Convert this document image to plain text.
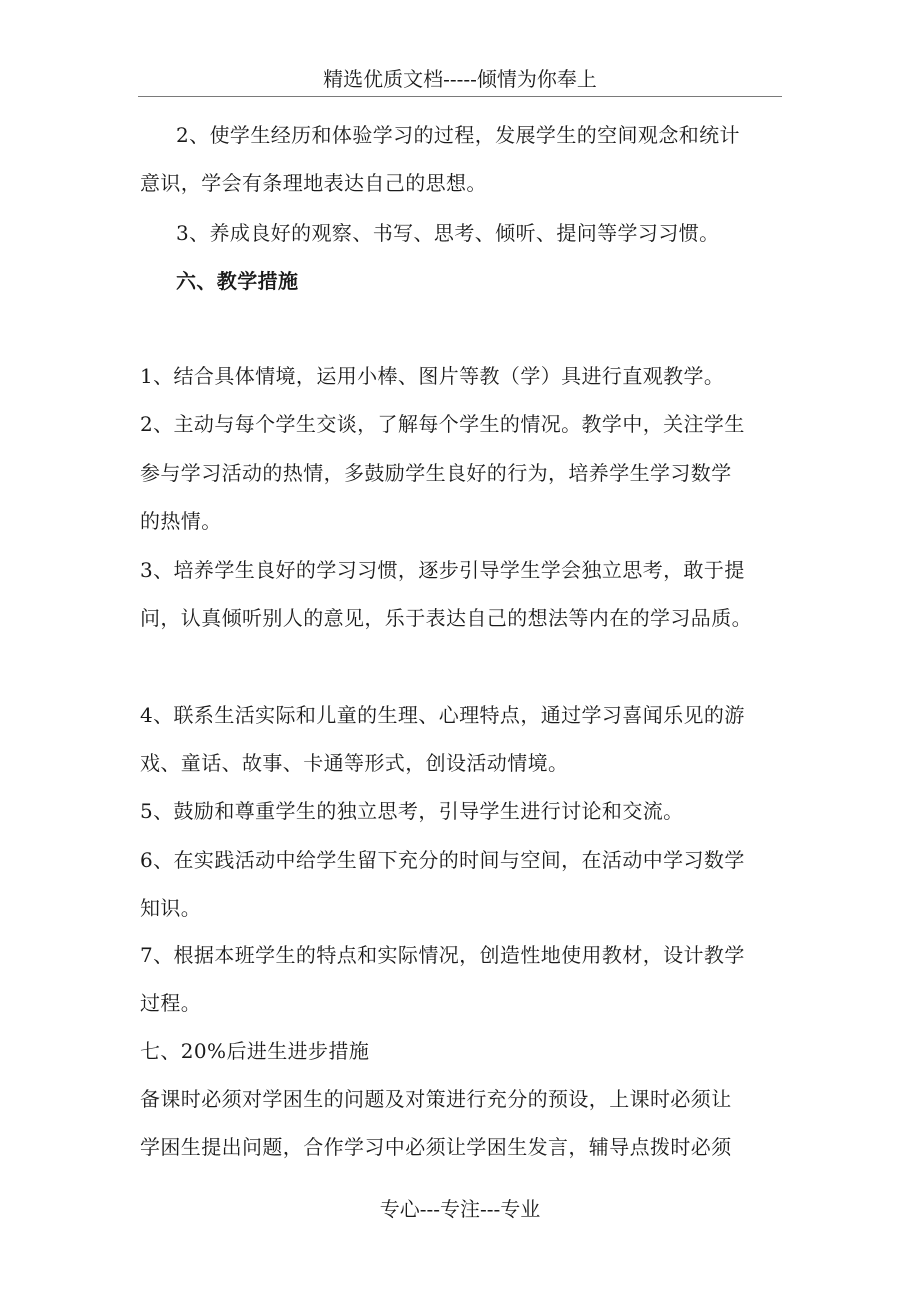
精选优质文档-----倾情为你奉上
2、使学生经历和体验学习的过程，发展学生的空间观念和统计
意识，学会有条理地表达自己的思想。
3、养成良好的观察、书写、思考、倾听、提问等学习习惯。
六、教学措施
1、结合具体情境，运用小棒、图片等教（学）具进行直观教学。
2、主动与每个学生交谈，了解每个学生的情况。教学中，关注学生
参与学习活动的热情，多鼓励学生良好的行为，培养学生学习数学
的热情。
3、培养学生良好的学习习惯，逐步引导学生学会独立思考，敢于提
问，认真倾听别人的意见，乐于表达自己的想法等内在的学习品质。
4、联系生活实际和儿童的生理、心理特点，通过学习喜闻乐见的游
戏、童话、故事、卡通等形式，创设活动情境。
5、鼓励和尊重学生的独立思考，引导学生进行讨论和交流。
6、在实践活动中给学生留下充分的时间与空间，在活动中学习数学
知识。
7、根据本班学生的特点和实际情况，创造性地使用教材，设计教学
过程。
七、20%后进生进步措施
备课时必须对学困生的问题及对策进行充分的预设，上课时必须让
学困生提出问题，合作学习中必须让学困生发言，辅导点拨时必须
专心---专注---专业
